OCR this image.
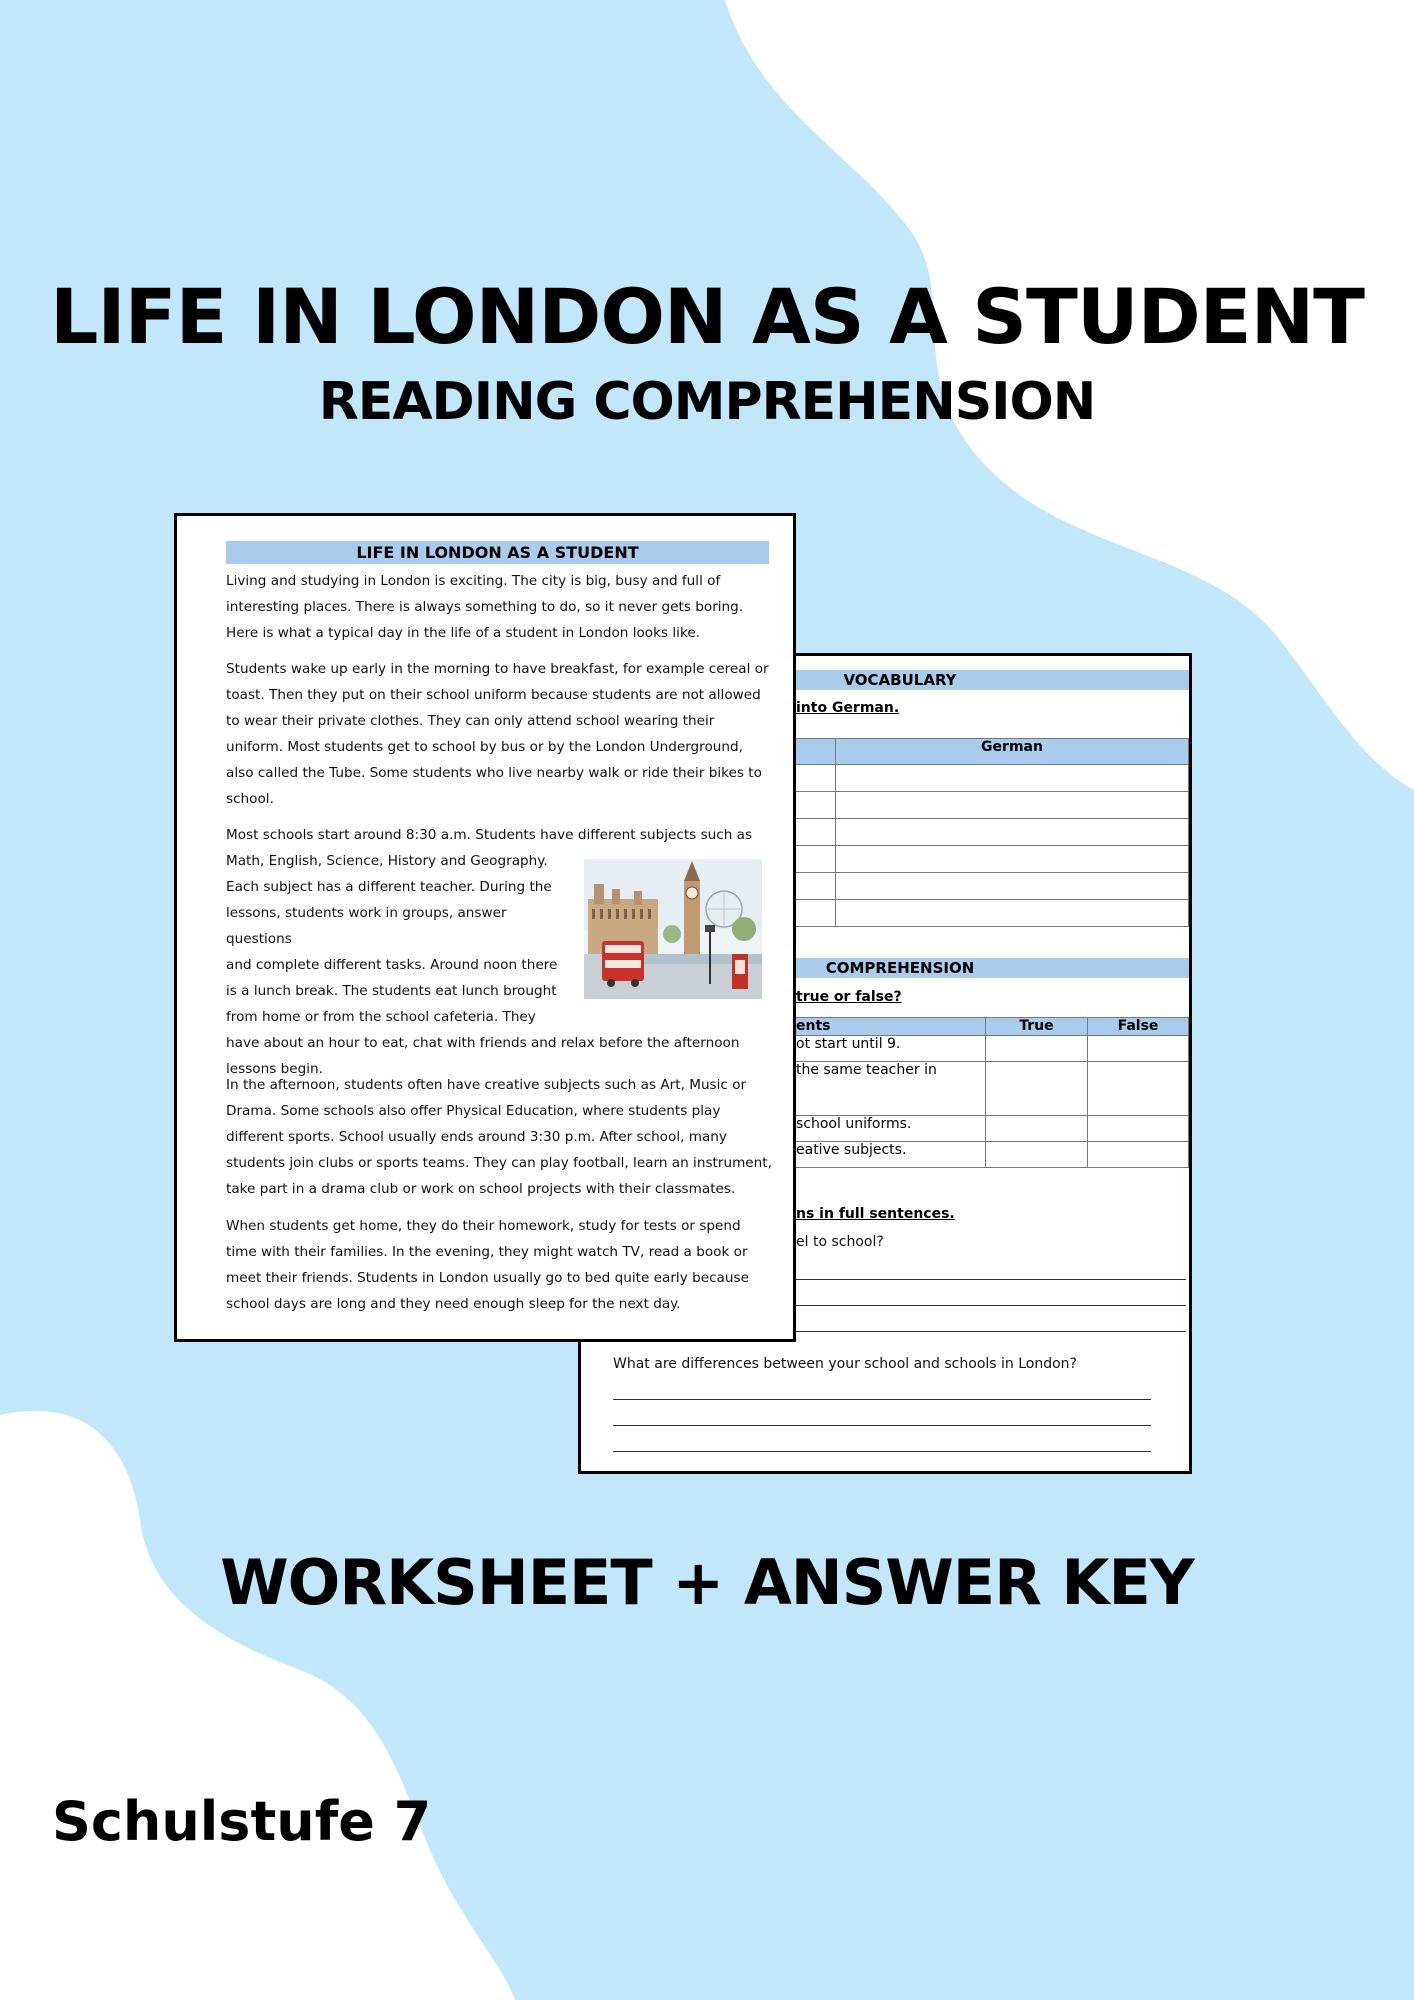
LIFE IN LONDON AS A STUDENT
READING COMPREHENSION
VOCABULARY
into German.
	German

COMPREHENSION
true or false?
ents	True	False
ot start until 9.		
the same teacher in		
school uniforms.		
eative subjects.		
ns in full sentences.
el to school?
What are differences between your school and schools in London?
LIFE IN LONDON AS A STUDENT

Living and studying in London is exciting. The city is big, busy and full of interesting places. There is always something to do, so it never gets boring. Here is what a typical day in the life of a student in London looks like.

Students wake up early in the morning to have breakfast, for example cereal or toast. Then they put on their school uniform because students are not allowed to wear their private clothes. They can only attend school wearing their uniform. Most students get to school by bus or by the London Underground, also called the Tube. Some students who live nearby walk or ride their bikes to school.

Most schools start around 8:30 a.m. Students have different subjects such as
Math, English, Science, History and Geography.
Each subject has a different teacher. During the
lessons, students work in groups, answer questions
and complete different tasks. Around noon there
is a lunch break. The students eat lunch brought
from home or from the school cafeteria. They
have about an hour to eat, chat with friends and relax before the afternoon
lessons begin.

In the afternoon, students often have creative subjects such as Art, Music or Drama. Some schools also offer Physical Education, where students play different sports. School usually ends around 3:30 p.m. After school, many students join clubs or sports teams. They can play football, learn an instrument, take part in a drama club or work on school projects with their classmates.

When students get home, they do their homework, study for tests or spend time with their families. In the evening, they might watch TV, read a book or meet their friends. Students in London usually go to bed quite early because school days are long and they need enough sleep for the next day.

WORKSHEET + ANSWER KEY
Schulstufe 7
